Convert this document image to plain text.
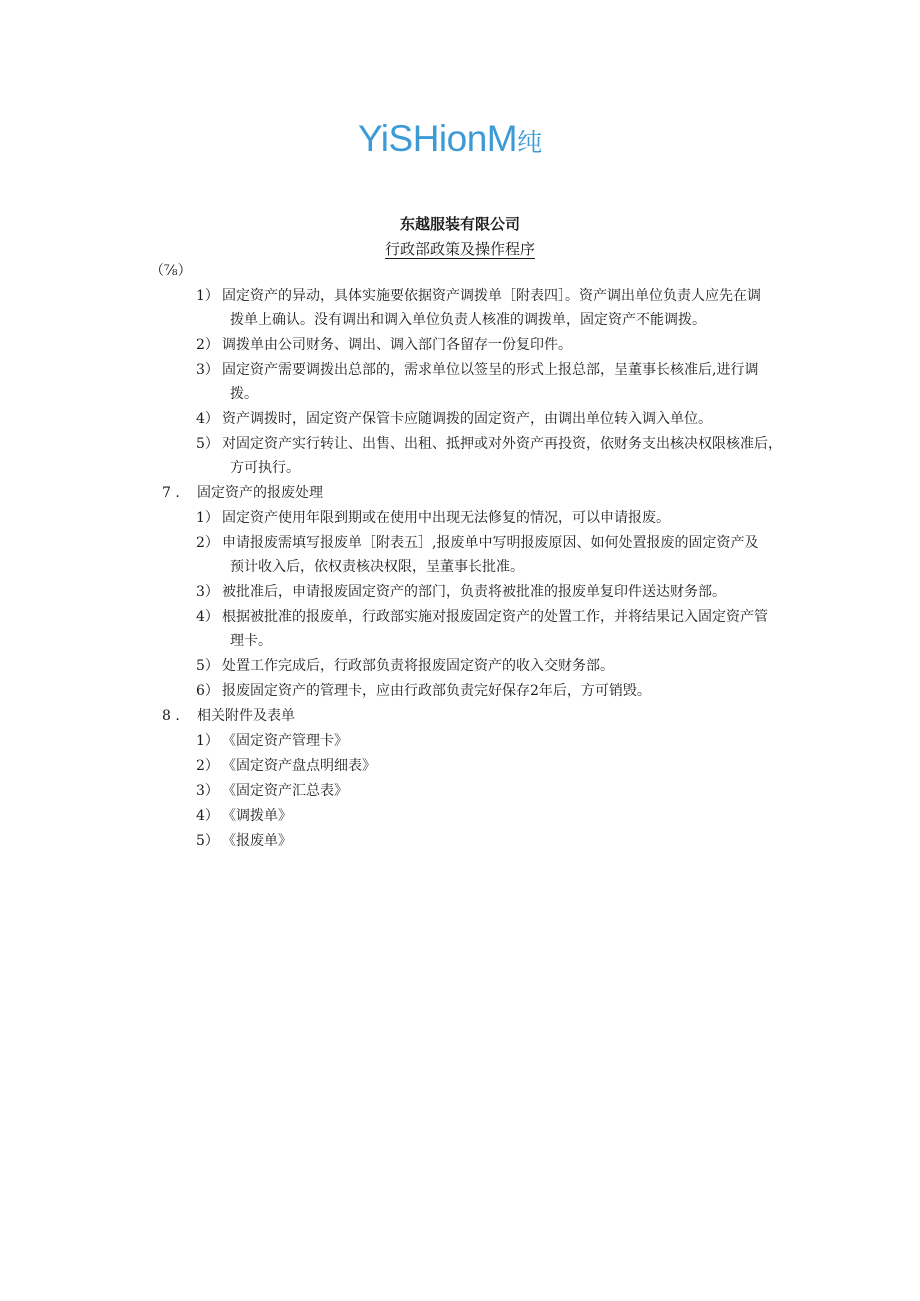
YiSHionM纯
东越服装有限公司
行政部政策及操作程序
（⅞）
1） 固定资产的异动，具体实施要依据资产调拨单［附表四］。资产调出单位负责人应先在调
拨单上确认。没有调出和调入单位负责人核准的调拨单，固定资产不能调拨。
2） 调拨单由公司财务、调出、调入部门各留存一份复印件。
3） 固定资产需要调拨出总部的，需求单位以签呈的形式上报总部，呈董事长核准后,进行调
拨。
4） 资产调拨时，固定资产保管卡应随调拨的固定资产，由调出单位转入调入单位。
5） 对固定资产实行转让、出售、出租、抵押或对外资产再投资，依财务支出核决权限核准后，
方可执行。
7 . 固定资产的报废处理
1） 固定资产使用年限到期或在使用中出现无法修复的情况，可以申请报废。
2） 申请报废需填写报废单［附表五］,报废单中写明报废原因、如何处置报废的固定资产及
预计收入后，依权责核决权限，呈董事长批准。
3） 被批准后，申请报废固定资产的部门，负责将被批准的报废单复印件送达财务部。
4） 根据被批准的报废单，行政部实施对报废固定资产的处置工作，并将结果记入固定资产管
理卡。
5） 处置工作完成后，行政部负责将报废固定资产的收入交财务部。
6） 报废固定资产的管理卡，应由行政部负责完好保存2年后，方可销毁。
8 . 相关附件及表单
1） 《固定资产管理卡》
2） 《固定资产盘点明细表》
3） 《固定资产汇总表》
4） 《调拨单》
5） 《报废单》
